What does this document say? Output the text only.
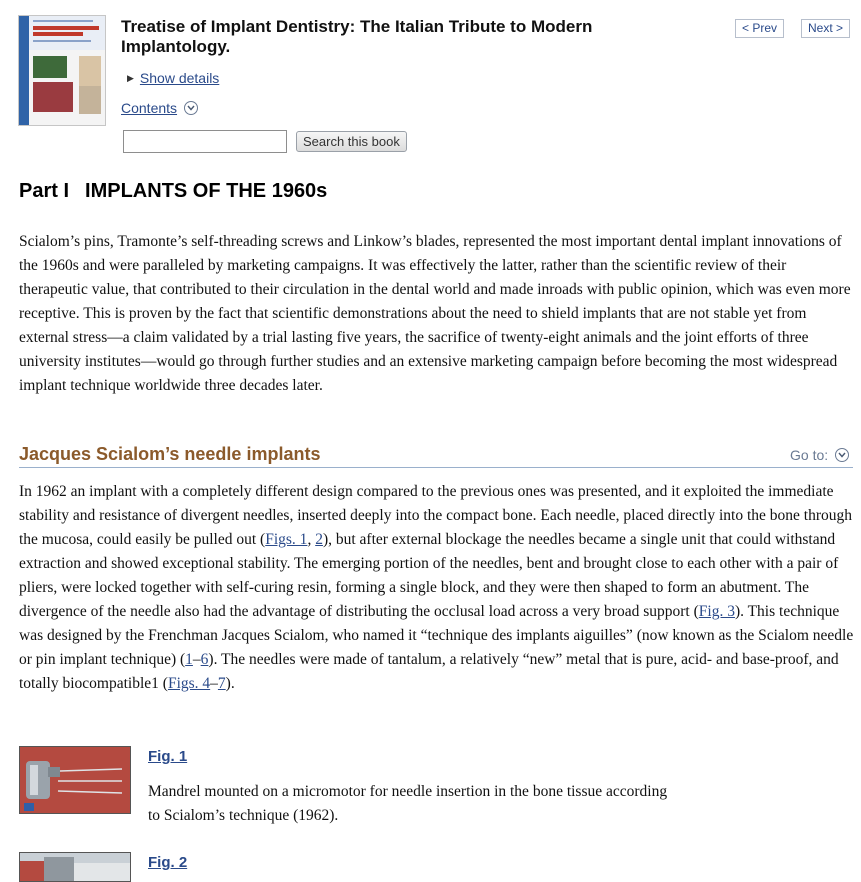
Treatise of Implant Dentistry: The Italian Tribute to Modern Implantology.
< Prev	Next >
▶ Show details
Contents
Search this book
Part I IMPLANTS OF THE 1960s

Scialom’s pins, Tramonte’s self-threading screws and Linkow’s blades, represented the most important dental implant innovations of the 1960s and were paralleled by marketing campaigns. It was effectively the latter, rather than the scientific review of their therapeutic value, that contributed to their circulation in the dental world and made inroads with public opinion, which was even more receptive. This is proven by the fact that scientific demonstrations about the need to shield implants that are not stable yet from external stress—a claim validated by a trial lasting five years, the sacrifice of twenty-eight animals and the joint efforts of three university institutes—would go through further studies and an extensive marketing campaign before becoming the most widespread implant technique worldwide three decades later.

Jacques Scialom’s needle implants	Go to:

In 1962 an implant with a completely different design compared to the previous ones was presented, and it exploited the immediate stability and resistance of divergent needles, inserted deeply into the compact bone. Each needle, placed directly into the bone through the mucosa, could easily be pulled out (Figs. 1, 2), but after external blockage the needles became a single unit that could withstand extraction and showed exceptional stability. The emerging portion of the needles, bent and brought close to each other with a pair of pliers, were locked together with self-curing resin, forming a single block, and they were then shaped to form an abutment. The divergence of the needle also had the advantage of distributing the occlusal load across a very broad support (Fig. 3). This technique was designed by the Frenchman Jacques Scialom, who named it “technique des implants aiguilles” (now known as the Scialom needle or pin implant technique) (1–6). The needles were made of tantalum, a relatively “new” metal that is pure, acid- and base-proof, and totally biocompatible1 (Figs. 4–7).

Fig. 1

Mandrel mounted on a micromotor for needle insertion in the bone tissue according to Scialom’s technique (1962).

Fig. 2
